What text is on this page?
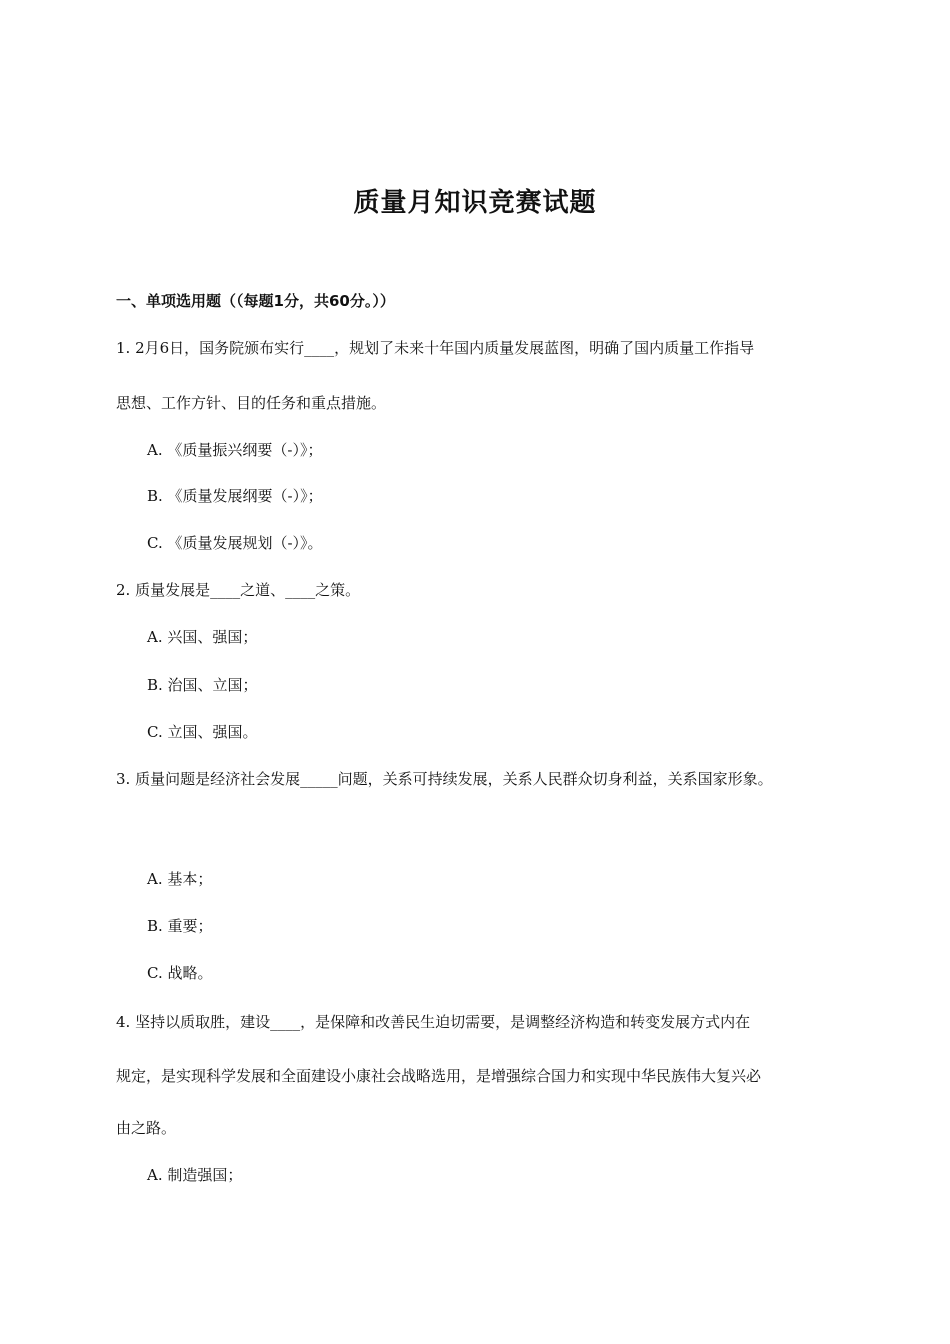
质量月知识竞赛试题
一、单项选用题（（每题1分，共60分。））
1. 2月6日，国务院颁布实行____，规划了未来十年国内质量发展蓝图，明确了国内质量工作指导
思想、工作方针、目的任务和重点措施。
A. 《质量振兴纲要（-）》；
B. 《质量发展纲要（-）》；
C. 《质量发展规划（-）》。
2. 质量发展是____之道、____之策。
A. 兴国、强国；
B. 治国、立国；
C. 立国、强国。
3. 质量问题是经济社会发展_____问题，关系可持续发展，关系人民群众切身利益，关系国家形象。
A. 基本；
B. 重要；
C. 战略。
4. 坚持以质取胜，建设____，是保障和改善民生迫切需要，是调整经济构造和转变发展方式内在
规定，是实现科学发展和全面建设小康社会战略选用，是增强综合国力和实现中华民族伟大复兴必
由之路。
A. 制造强国；
